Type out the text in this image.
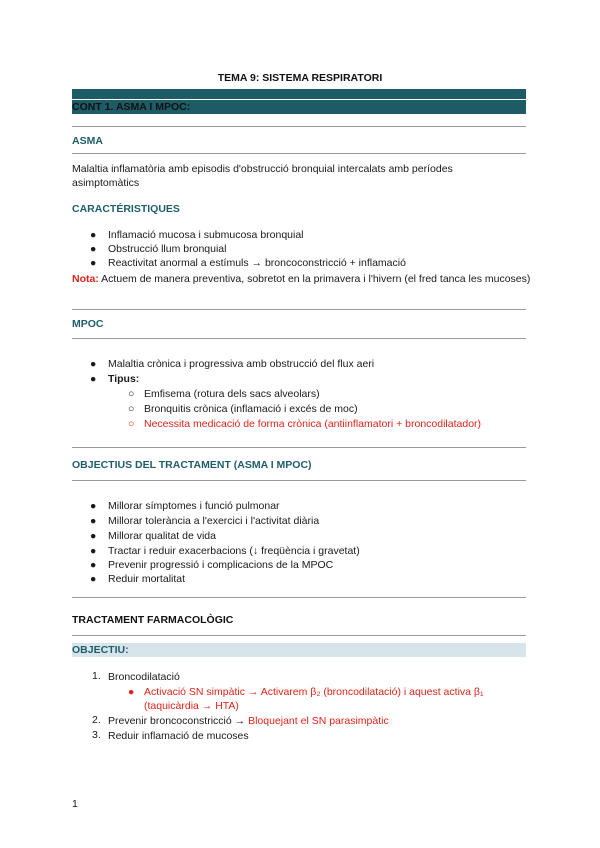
TEMA 9: SISTEMA RESPIRATORI
CONT 1. ASMA I MPOC:
ASMA
Malaltia inflamatòria amb episodis d'obstrucció bronquial intercalats amb períodes asimptomàtics
CARACTÉRISTIQUES
● Inflamació mucosa i submucosa bronquial
● Obstrucció llum bronquial
● Reactivitat anormal a estímuls → broncoconstricció + inflamació
Nota: Actuem de manera preventiva, sobretot en la primavera i l'hivern (el fred tanca les mucoses)
MPOC
● Malaltia crònica i progressiva amb obstrucció del flux aeri
● Tipus:
○ Emfisema (rotura dels sacs alveolars)
○ Bronquitis crònica (inflamació i excés de moc)
○ Necessita medicació de forma crònica (antiinflamatori + broncodilatador)
OBJECTIUS DEL TRACTAMENT (ASMA I MPOC)
● Millorar símptomes i funció pulmonar
● Millorar tolerància a l'exercici i l'activitat diària
● Millorar qualitat de vida
● Tractar i reduir exacerbacions (↓ freqüència i gravetat)
● Prevenir progressió i complicacions de la MPOC
● Reduir mortalitat
TRACTAMENT FARMACOLÒGIC
OBJECTIU:
1. Broncodilatació
● Activació SN simpàtic → Activarem β₂ (broncodilatació) i aquest activa β₁
(taquicàrdia → HTA)
2. Prevenir broncoconstricció → Bloquejant el SN parasimpàtic
3. Reduir inflamació de mucoses
1
